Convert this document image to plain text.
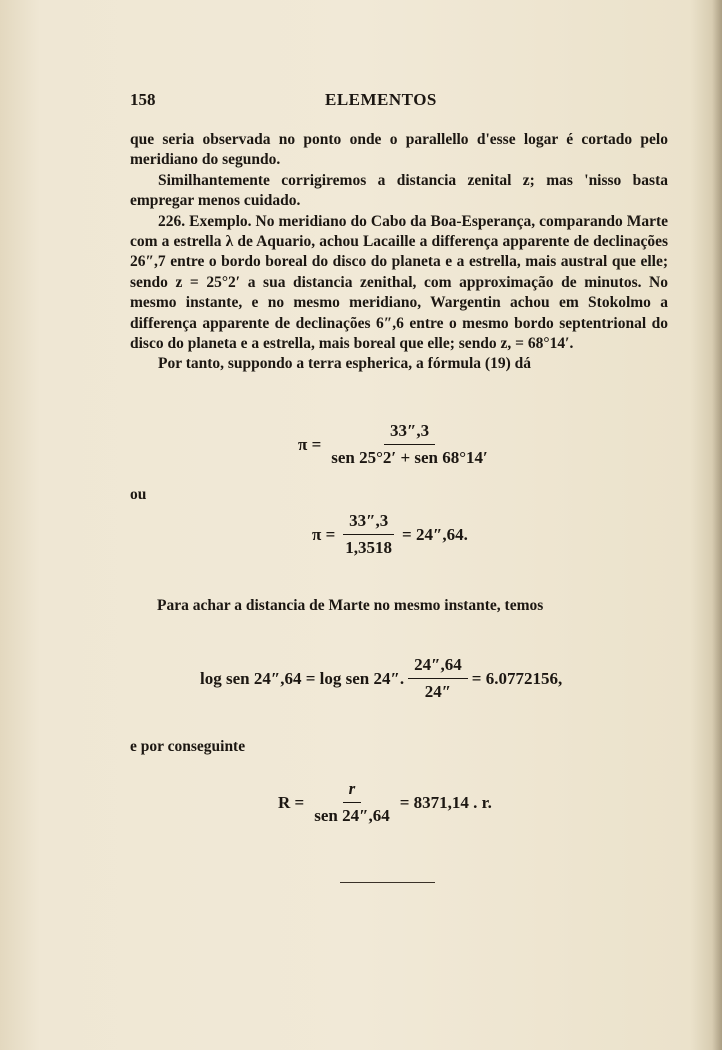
158	ELEMENTOS

que seria observada no ponto onde o parallello d'esse logar é cortado pelo meridiano do segundo.

Similhantemente corrigiremos a distancia zenital z; mas 'nisso basta empregar menos cuidado.

226. Exemplo. No meridiano do Cabo da Boa-Esperança, comparando Marte com a estrella λ de Aquario, achou Lacaille a differença apparente de declinações 26″,7 entre o bordo boreal do disco do planeta e a estrella, mais austral que elle; sendo z = 25°2′ a sua distancia zenithal, com approximação de minutos. No mesmo instante, e no mesmo meridiano, Wargentin achou em Stokolmo a differença apparente de declinações 6″,6 entre o mesmo bordo septentrional do disco do planeta e a estrella, mais boreal que elle; sendo z, = 68°14′.

Por tanto, suppondo a terra espherica, a fórmula (19) dá

$\pi = \frac{33'',3}{\text{sen 25°2′ + sen 68°14′}}$
ou
$\pi = \frac{33'',3}{1,3518} = 24'',64$.
Para achar a distancia de Marte no mesmo instante, temos
log sen 24″,64 = log sen 24″. $\frac{24'',64}{24''} = 6.0772156$,
e por conseguinte
$R = \frac{r}{\text{sen 24″,64}} = 8371,14$ . r.
